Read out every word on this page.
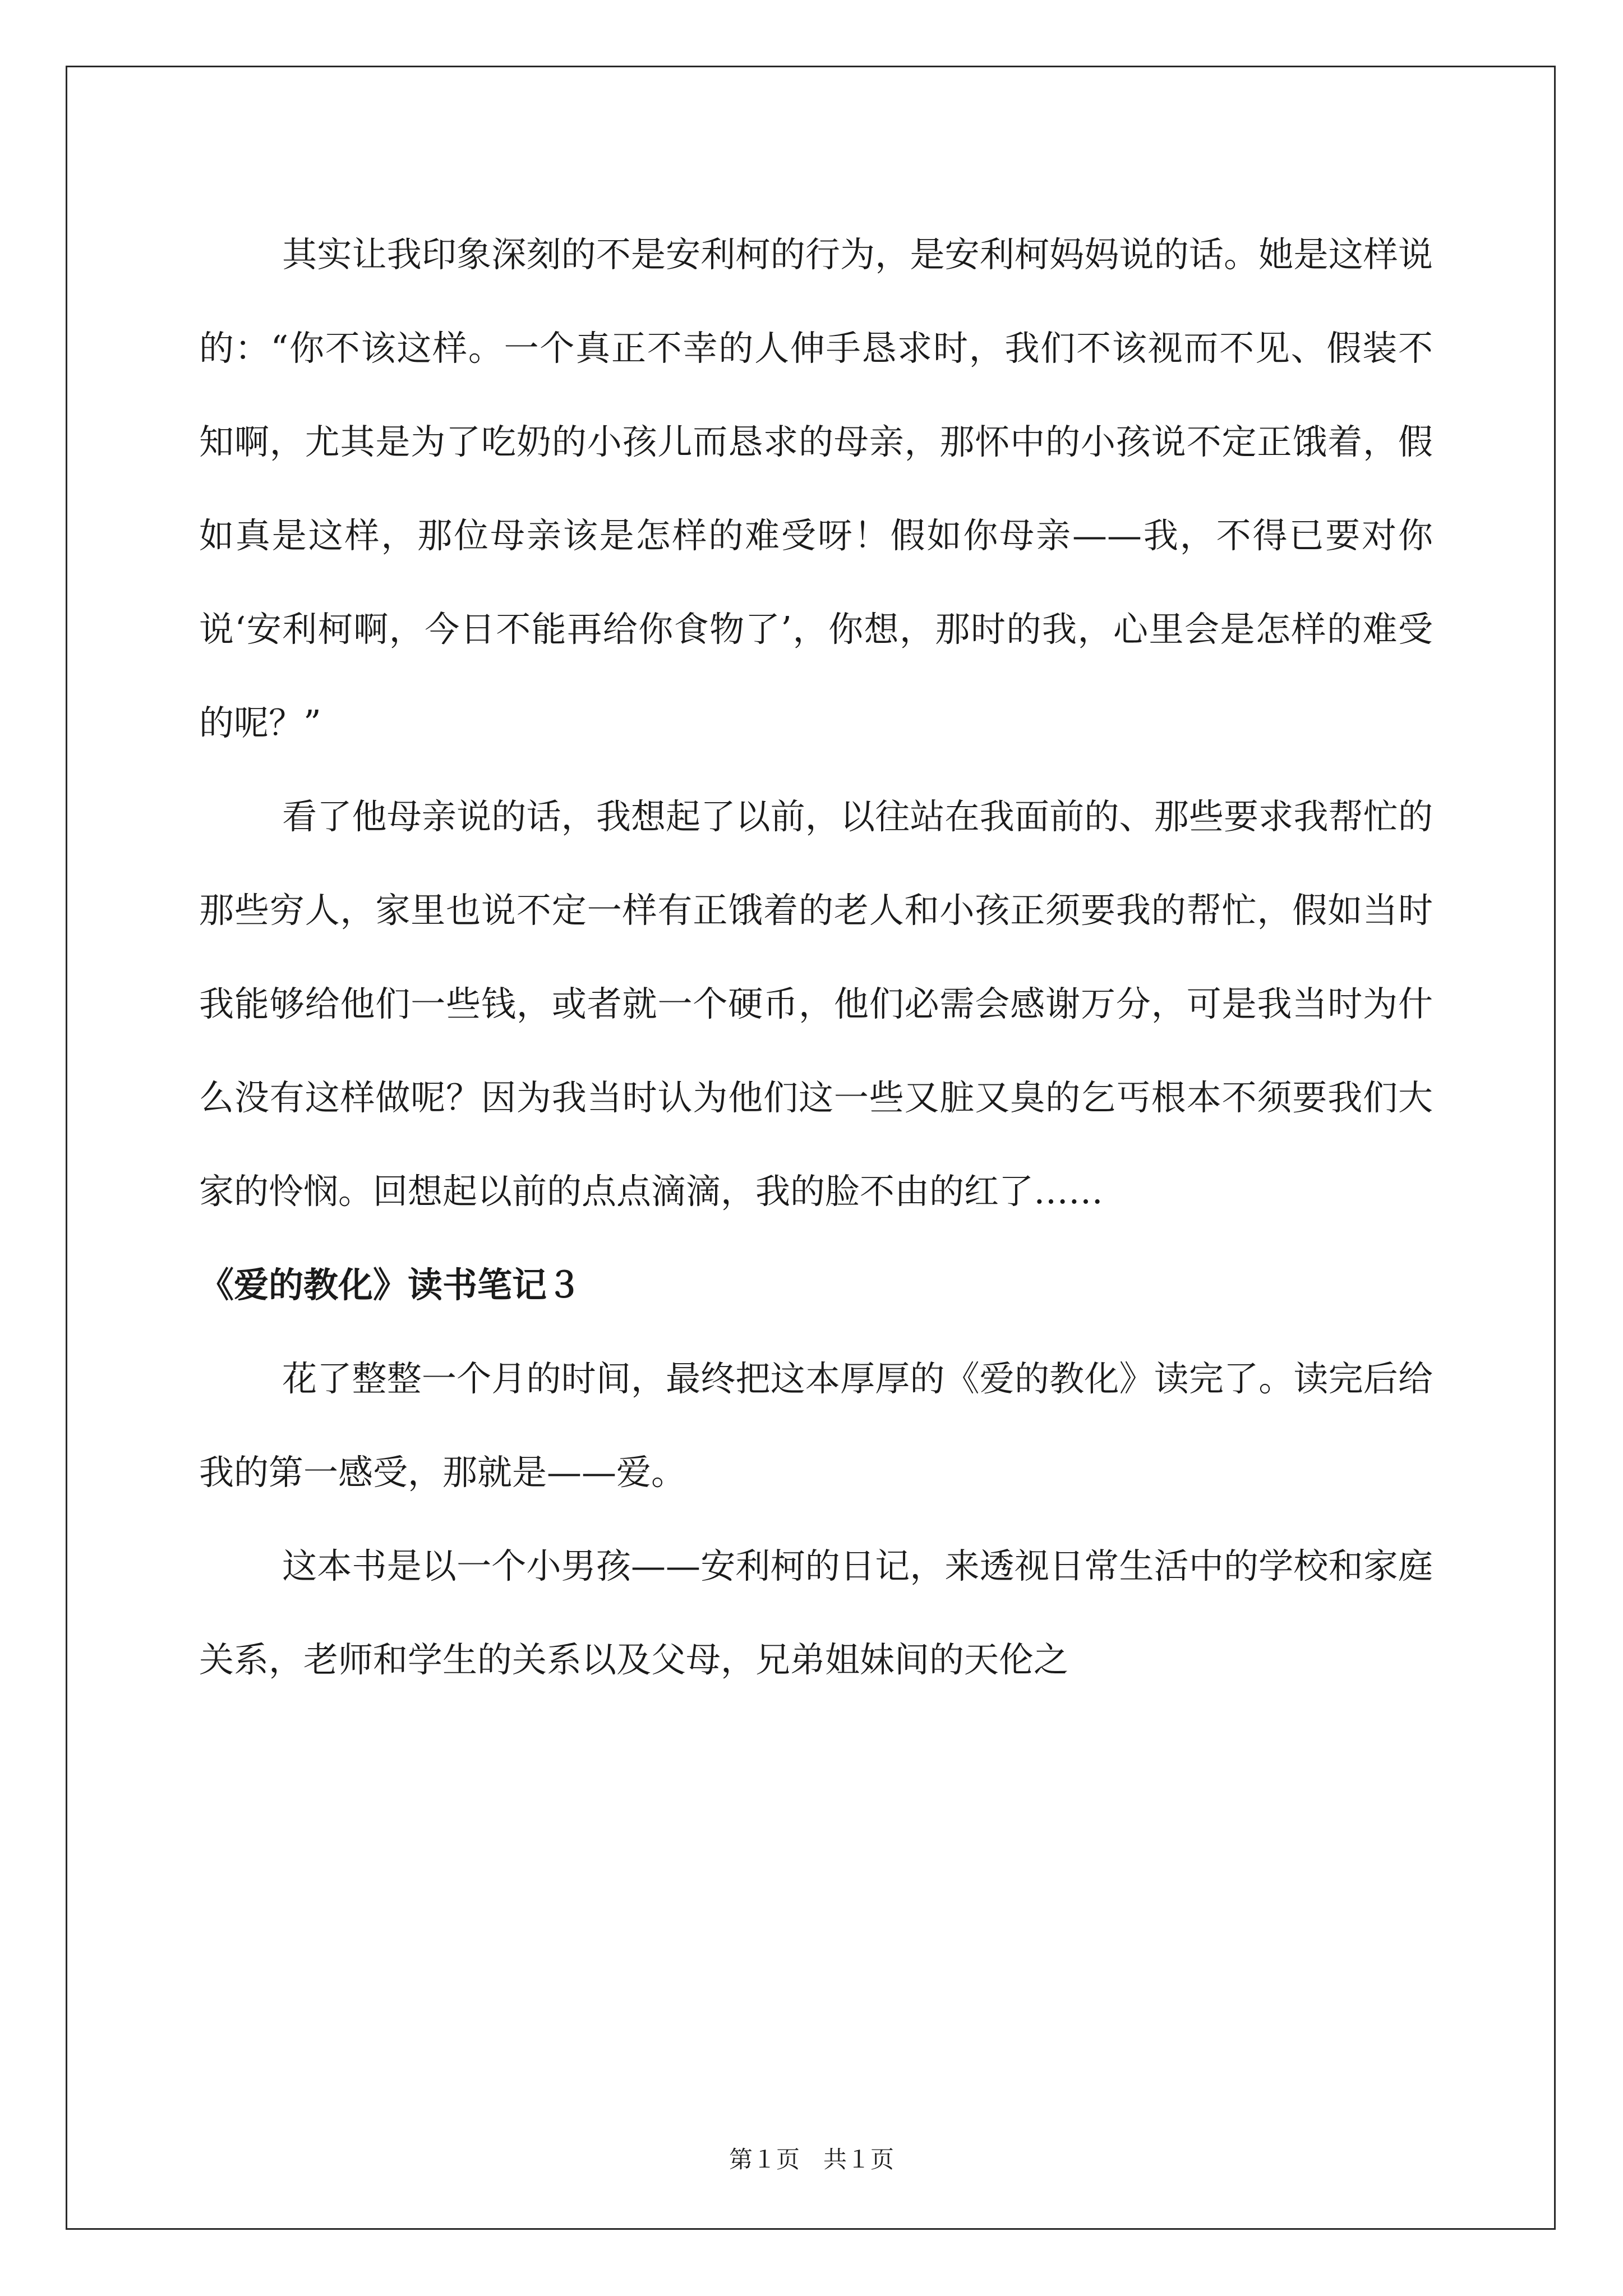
其实让我印象深刻的不是安利柯的行为，是安利柯妈妈说的话。她是这样说的：“你不该这样。一个真正不幸的人伸手恳求时，我们不该视而不见、假装不知啊，尤其是为了吃奶的小孩儿而恳求的母亲，那怀中的小孩说不定正饿着，假如真是这样，那位母亲该是怎样的难受呀！假如你母亲——我，不得已要对你说‘安利柯啊，今日不能再给你食物了’，你想，那时的我，心里会是怎样的难受的呢？”

看了他母亲说的话，我想起了以前，以往站在我面前的、那些要求我帮忙的那些穷人，家里也说不定一样有正饿着的老人和小孩正须要我的帮忙，假如当时我能够给他们一些钱，或者就一个硬币，他们必需会感谢万分，可是我当时为什么没有这样做呢？因为我当时认为他们这一些又脏又臭的乞丐根本不须要我们大家的怜悯。回想起以前的点点滴滴，我的脸不由的红了……

《爱的教化》读书笔记３

花了整整一个月的时间，最终把这本厚厚的《爱的教化》读完了。读完后给我的第一感受，那就是——爱。

这本书是以一个小男孩——安利柯的日记，来透视日常生活中的学校和家庭关系，老师和学生的关系以及父母，兄弟姐妹间的天伦之

第１页　共１页
